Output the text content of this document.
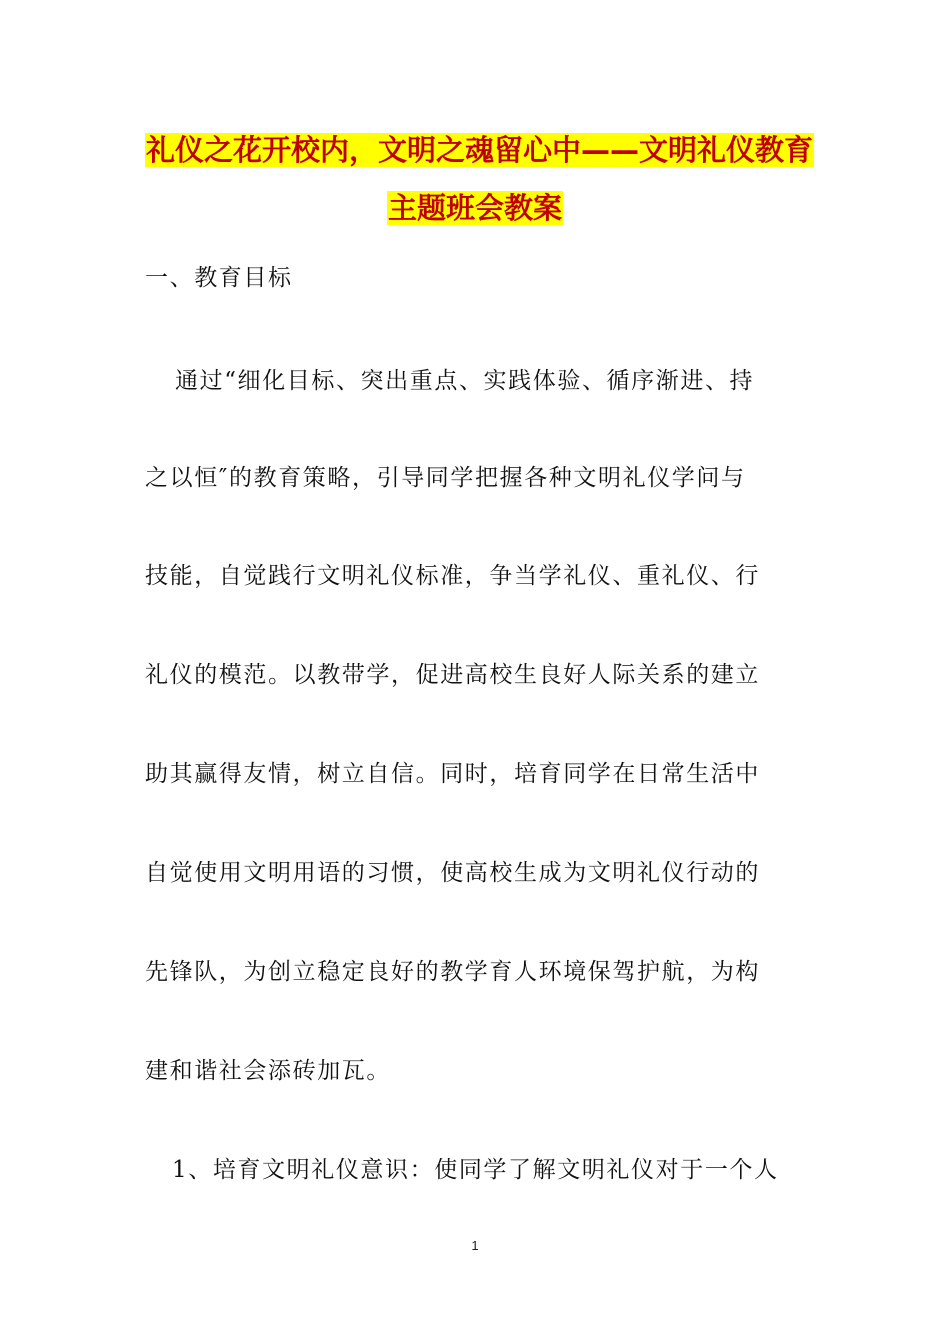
礼仪之花开校内，文明之魂留心中——文明礼仪教育
主题班会教案
一、教育目标
通过“细化目标、突出重点、实践体验、循序渐进、持
之以恒″的教育策略，引导同学把握各种文明礼仪学问与
技能，自觉践行文明礼仪标准，争当学礼仪、重礼仪、行
礼仪的模范。以教带学，促进高校生良好人际关系的建立
助其赢得友情，树立自信。同时，培育同学在日常生活中
自觉使用文明用语的习惯，使高校生成为文明礼仪行动的
先锋队，为创立稳定良好的教学育人环境保驾护航，为构
建和谐社会添砖加瓦。
1、培育文明礼仪意识：使同学了解文明礼仪对于一个人
1
